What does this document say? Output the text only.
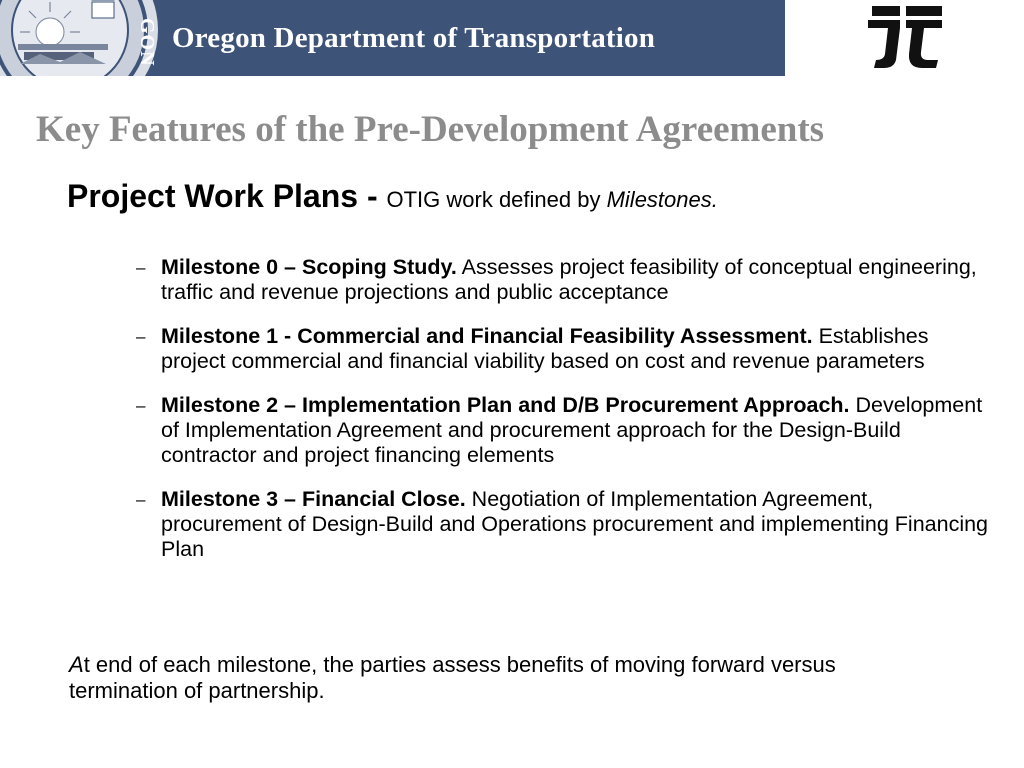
GON Oregon Department of Transportation
Key Features of the Pre-Development Agreements
Project Work Plans - OTIG work defined by Milestones.
– Milestone 0 – Scoping Study. Assesses project feasibility of conceptual engineering, traffic and revenue projections and public acceptance
– Milestone 1 - Commercial and Financial Feasibility Assessment. Establishes project commercial and financial viability based on cost and revenue parameters
– Milestone 2 – Implementation Plan and D/B Procurement Approach. Development of Implementation Agreement and procurement approach for the Design-Build contractor and project financing elements
– Milestone 3 – Financial Close. Negotiation of Implementation Agreement, procurement of Design-Build and Operations procurement and implementing Financing Plan
At end of each milestone, the parties assess benefits of moving forward versus termination of partnership.
